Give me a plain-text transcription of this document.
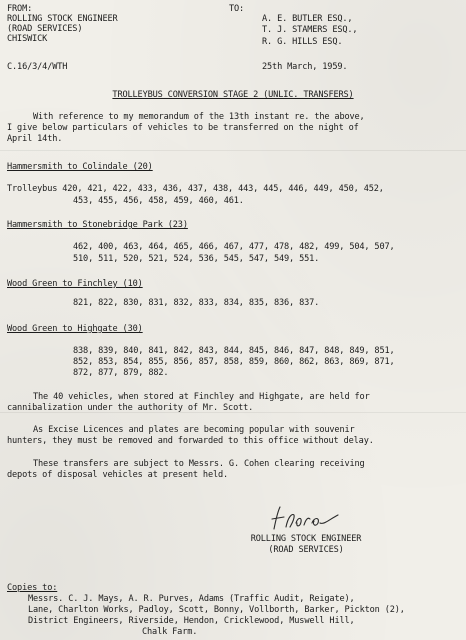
FROM:
ROLLING STOCK ENGINEER
(ROAD SERVICES)
CHISWICK
C.16/3/4/WTH
TO:
A. E. BUTLER ESQ.,
T. J. STAMERS ESQ.,
R. G. HILLS ESQ.
25th March, 1959.
TROLLEYBUS CONVERSION STAGE 2 (UNLIC. TRANSFERS)
With reference to my memorandum of the 13th instant re. the above,
I give below particulars of vehicles to be transferred on the night of
April 14th.
Hammersmith to Colindale (20)
Trolleybus 420, 421, 422, 433, 436, 437, 438, 443, 445, 446, 449, 450, 452,
453, 455, 456, 458, 459, 460, 461.
Hammersmith to Stonebridge Park (23)
462, 400, 463, 464, 465, 466, 467, 477, 478, 482, 499, 504, 507,
510, 511, 520, 521, 524, 536, 545, 547, 549, 551.
Wood Green to Finchley (10)
821, 822, 830, 831, 832, 833, 834, 835, 836, 837.
Wood Green to Highgate (30)
838, 839, 840, 841, 842, 843, 844, 845, 846, 847, 848, 849, 851,
852, 853, 854, 855, 856, 857, 858, 859, 860, 862, 863, 869, 871,
872, 877, 879, 882.
The 40 vehicles, when stored at Finchley and Highgate, are held for
cannibalization under the authority of Mr. Scott.
As Excise Licences and plates are becoming popular with souvenir
hunters, they must be removed and forwarded to this office without delay.
These transfers are subject to Messrs. G. Cohen clearing receiving
depots of disposal vehicles at present held.
ROLLING STOCK ENGINEER
(ROAD SERVICES)
Copies to:
Messrs. C. J. Mays, A. R. Purves, Adams (Traffic Audit, Reigate),
Lane, Charlton Works, Padloy, Scott, Bonny, Vollborth, Barker, Pickton (2),
District Engineers, Riverside, Hendon, Cricklewood, Muswell Hill,
Chalk Farm.
